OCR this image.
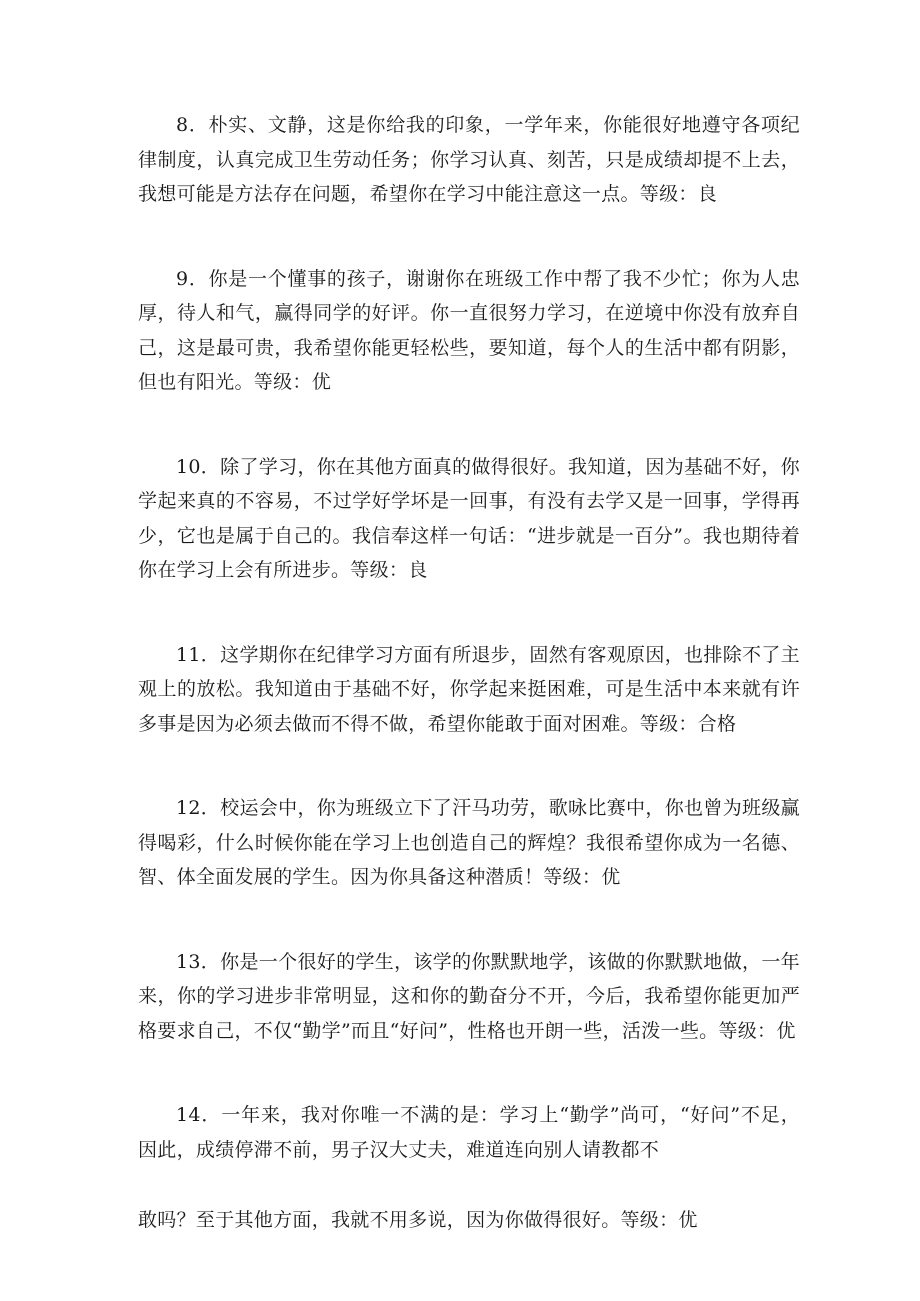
8．朴实、文静，这是你给我的印象，一学年来，你能很好地遵守各项纪律制度，认真完成卫生劳动任务；你学习认真、刻苦，只是成绩却提不上去，我想可能是方法存在问题，希望你在学习中能注意这一点。等级：良

9．你是一个懂事的孩子，谢谢你在班级工作中帮了我不少忙；你为人忠厚，待人和气，赢得同学的好评。你一直很努力学习，在逆境中你没有放弃自己，这是最可贵，我希望你能更轻松些，要知道，每个人的生活中都有阴影，但也有阳光。等级：优

10．除了学习，你在其他方面真的做得很好。我知道，因为基础不好，你学起来真的不容易，不过学好学坏是一回事，有没有去学又是一回事，学得再少，它也是属于自己的。我信奉这样一句话：“进步就是一百分”。我也期待着你在学习上会有所进步。等级：良

11．这学期你在纪律学习方面有所退步，固然有客观原因，也排除不了主观上的放松。我知道由于基础不好，你学起来挺困难，可是生活中本来就有许多事是因为必须去做而不得不做，希望你能敢于面对困难。等级：合格

12．校运会中，你为班级立下了汗马功劳，歌咏比赛中，你也曾为班级赢得喝彩，什么时候你能在学习上也创造自己的辉煌？我很希望你成为一名德、智、体全面发展的学生。因为你具备这种潜质！等级：优

13．你是一个很好的学生，该学的你默默地学，该做的你默默地做，一年来，你的学习进步非常明显，这和你的勤奋分不开，今后，我希望你能更加严格要求自己，不仅“勤学”而且“好问”，性格也开朗一些，活泼一些。等级：优

14．一年来，我对你唯一不满的是：学习上“勤学”尚可，“好问”不足，因此，成绩停滞不前，男子汉大丈夫，难道连向别人请教都不

敢吗？至于其他方面，我就不用多说，因为你做得很好。等级：优
